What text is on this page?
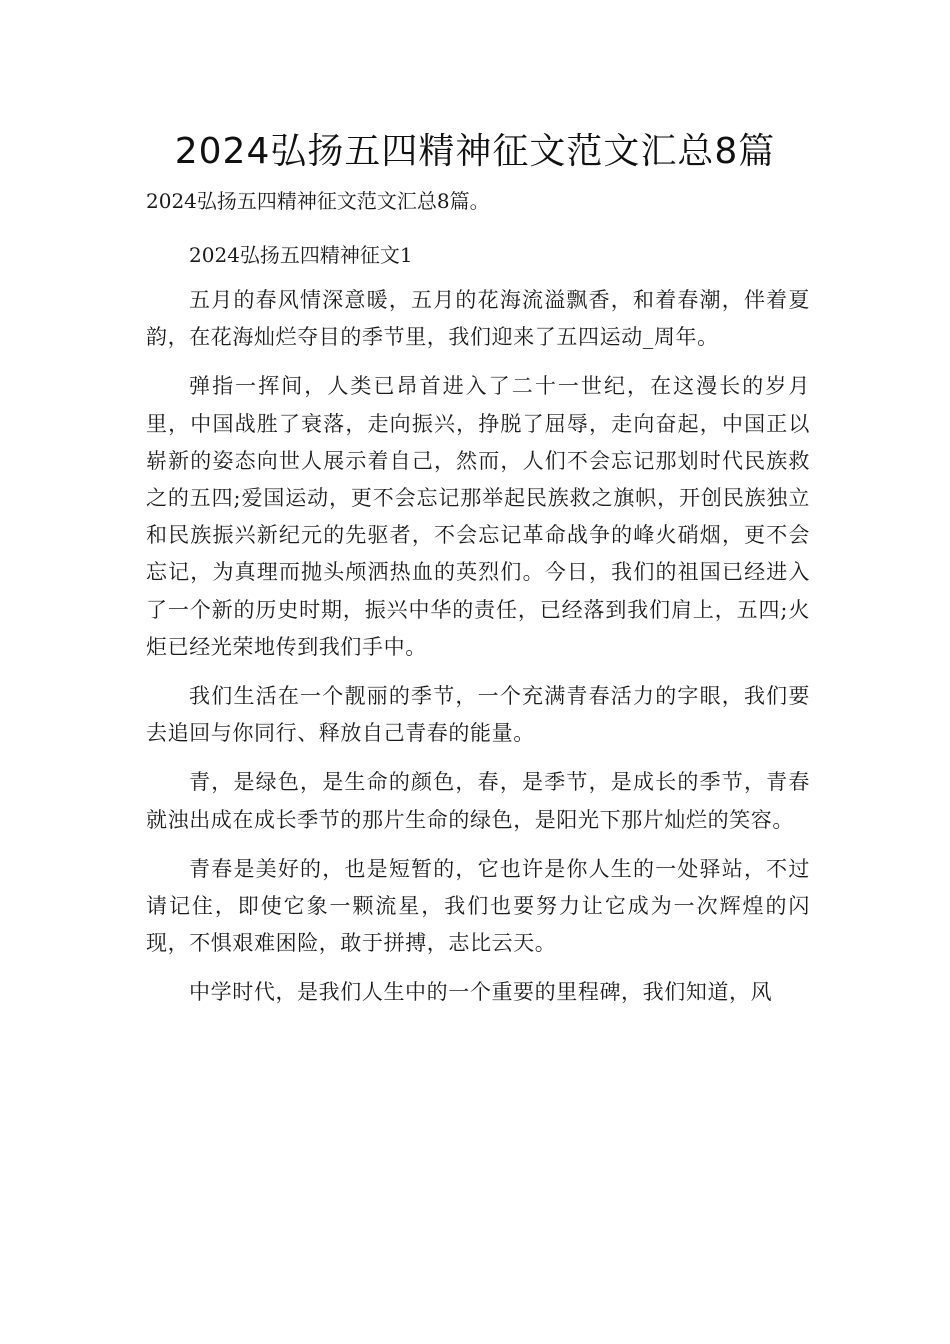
2024弘扬五四精神征文范文汇总8篇
2024弘扬五四精神征文范文汇总8篇。
2024弘扬五四精神征文1

五月的春风情深意暖，五月的花海流溢飘香，和着春潮，伴着夏韵，在花海灿烂夺目的季节里，我们迎来了五四运动_周年。

弹指一挥间，人类已昂首进入了二十一世纪，在这漫长的岁月里，中国战胜了衰落，走向振兴，挣脱了屈辱，走向奋起，中国正以崭新的姿态向世人展示着自己，然而，人们不会忘记那划时代民族救之的五四;爱国运动，更不会忘记那举起民族救之旗帜，开创民族独立和民族振兴新纪元的先驱者，不会忘记革命战争的峰火硝烟，更不会忘记，为真理而抛头颅洒热血的英烈们。今日，我们的祖国已经进入了一个新的历史时期，振兴中华的责任，已经落到我们肩上，五四;火炬已经光荣地传到我们手中。

我们生活在一个靓丽的季节，一个充满青春活力的字眼，我们要去追回与你同行、释放自己青春的能量。

青，是绿色，是生命的颜色，春，是季节，是成长的季节，青春就浊出成在成长季节的那片生命的绿色，是阳光下那片灿烂的笑容。

青春是美好的，也是短暂的，它也许是你人生的一处驿站，不过请记住，即使它象一颗流星，我们也要努力让它成为一次辉煌的闪现，不惧艰难困险，敢于拼搏，志比云天。

中学时代，是我们人生中的一个重要的里程碑，我们知道，风
